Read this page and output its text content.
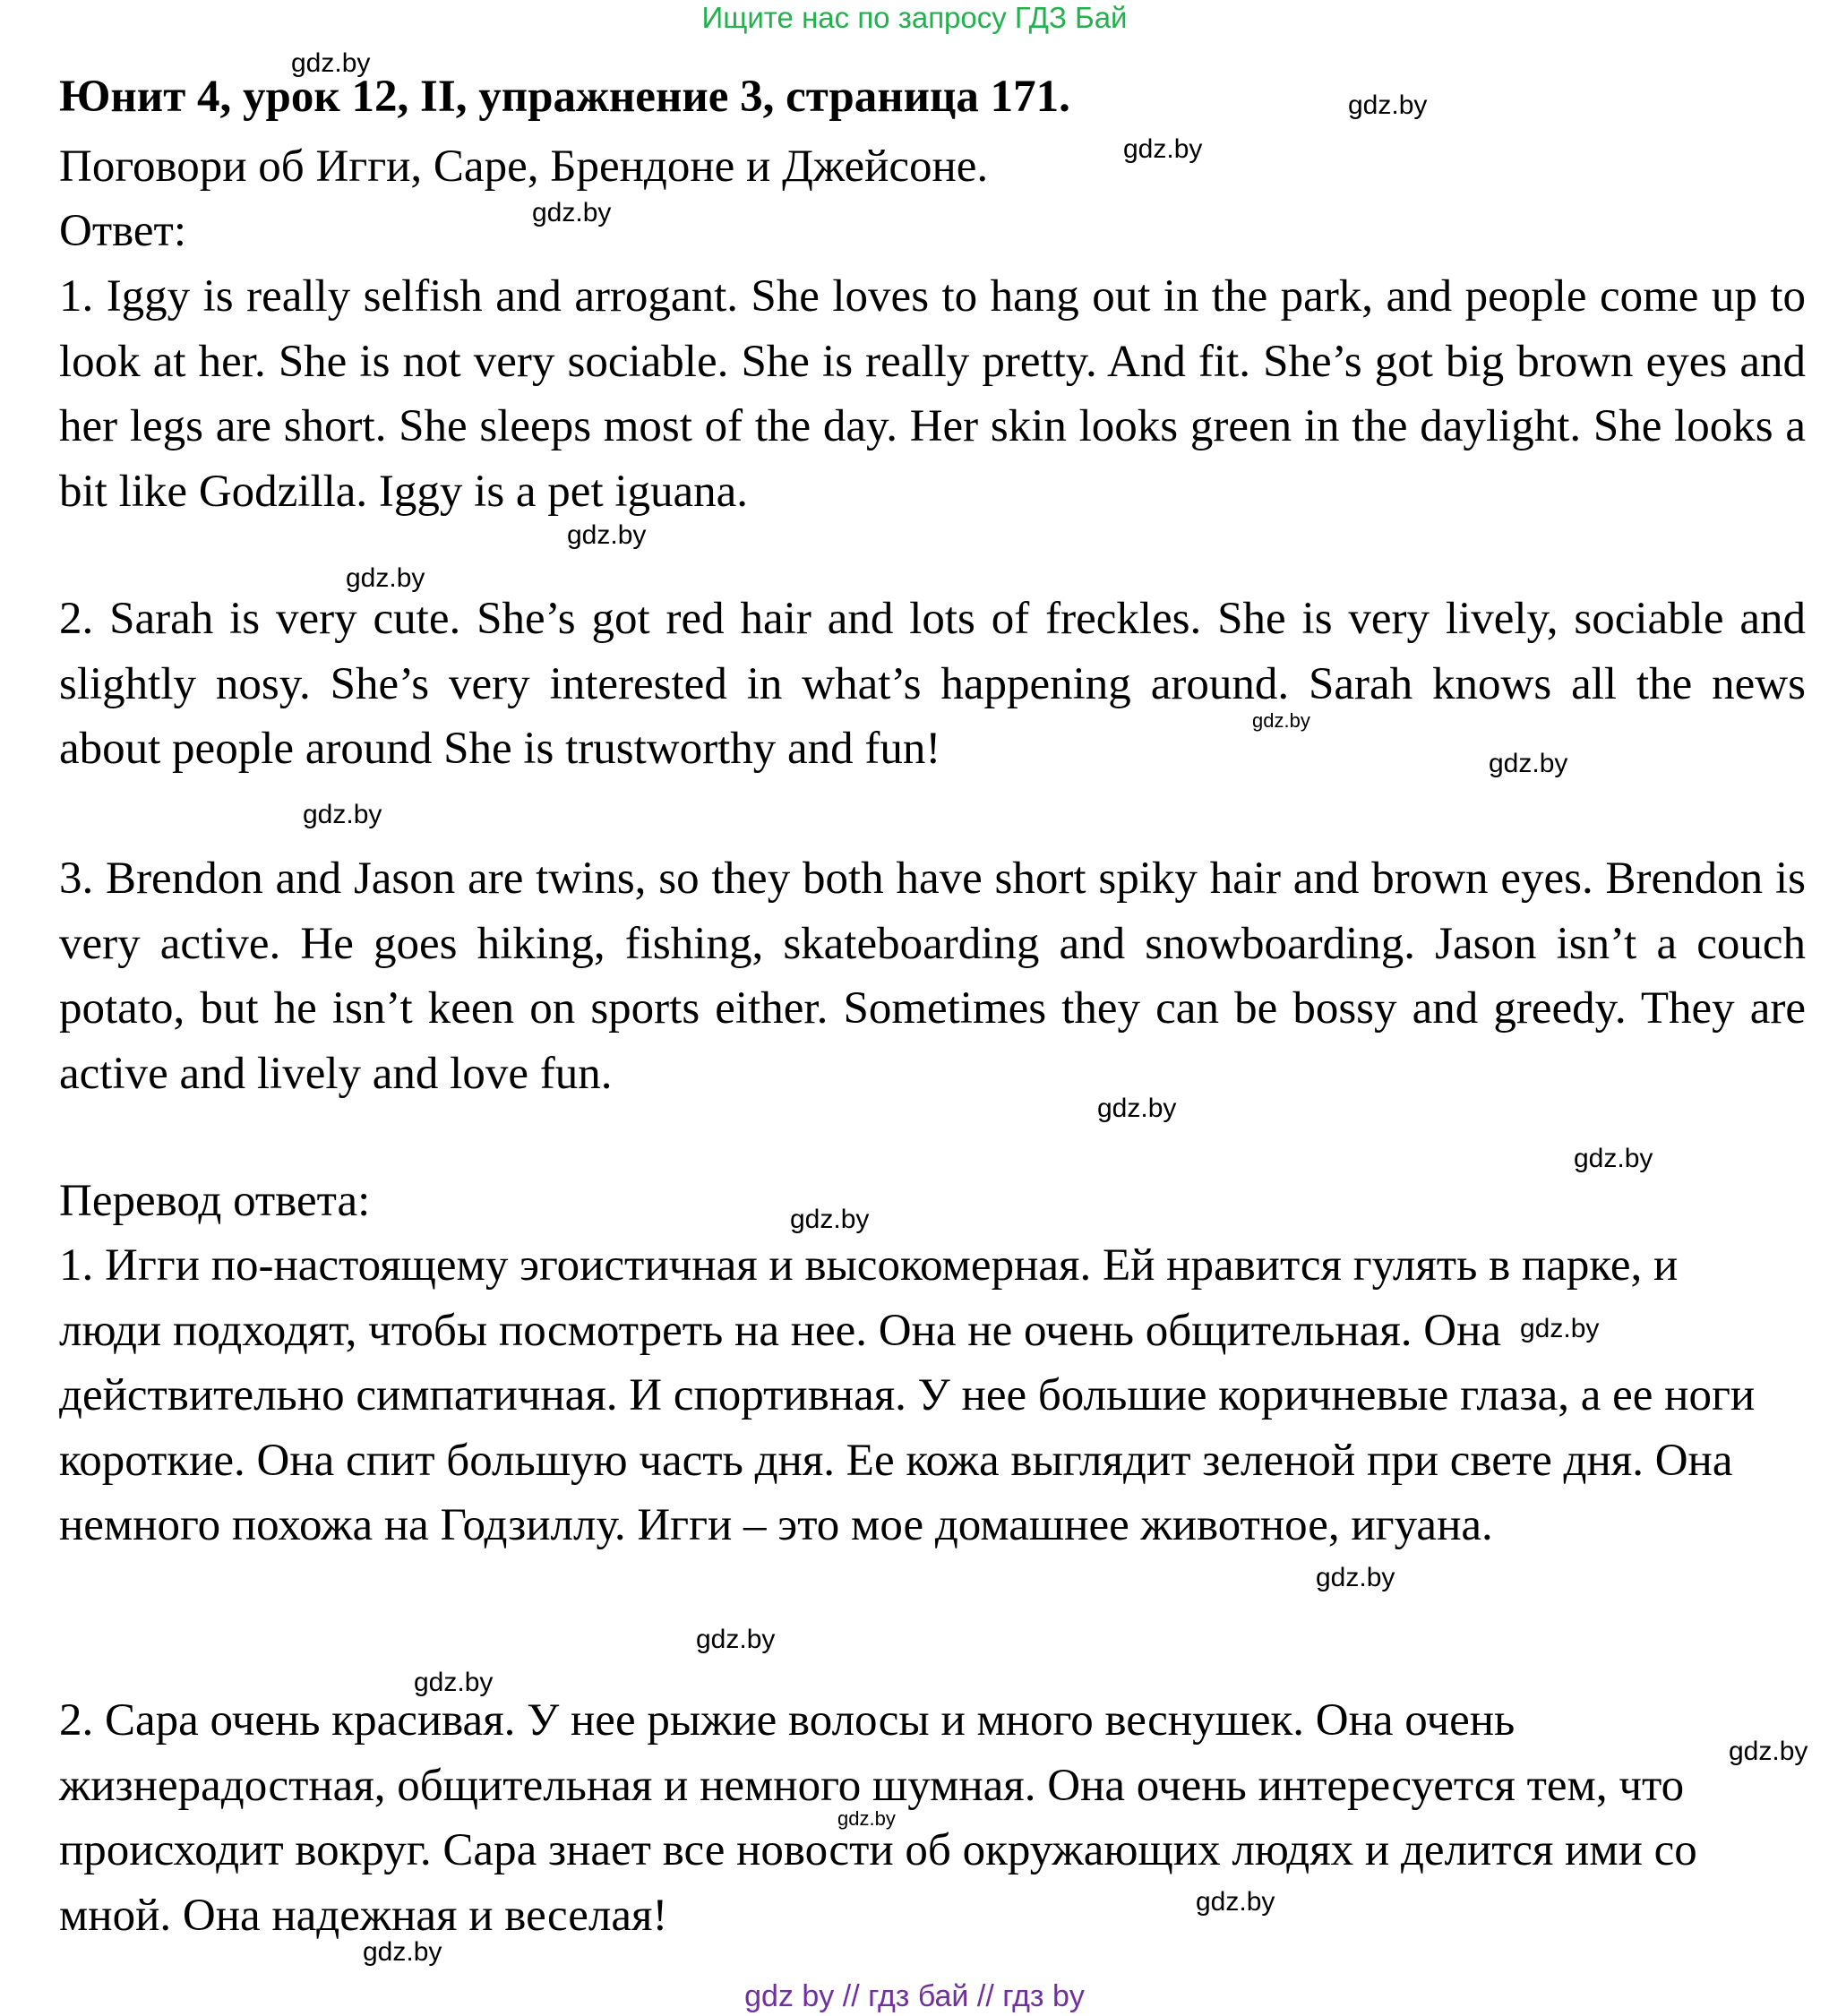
Ищите нас по запросу ГДЗ Бай
Юнит 4, урок 12, II, упражнение 3, страница 171.
Поговори об Игги, Саре, Брендоне и Джейсоне.
Ответ:

1. Iggy is really selfish and arrogant. She loves to hang out in the park, and people come up to look at her. She is not very sociable. She is really pretty. And fit. She’s got big brown eyes and her legs are short. She sleeps most of the day. Her skin looks green in the daylight. She looks a bit like Godzilla. Iggy is a pet iguana.

2. Sarah is very cute. She’s got red hair and lots of freckles. She is very lively, sociable and slightly nosy. She’s very interested in what’s happening around. Sarah knows all the news about people around She is trustworthy and fun!

3. Brendon and Jason are twins, so they both have short spiky hair and brown eyes. Brendon is very active. He goes hiking, fishing, skateboarding and snowboarding. Jason isn’t a couch potato, but he isn’t keen on sports either. Sometimes they can be bossy and greedy. They are active and lively and love fun.

Перевод ответа:

1. Игги по-настоящему эгоистичная и высокомерная. Ей нравится гулять в парке, и люди подходят, чтобы посмотреть на нее. Она не очень общительная. Она действительно симпатичная. И спортивная. У нее большие коричневые глаза, а ее ноги короткие. Она спит большую часть дня. Ее кожа выглядит зеленой при свете дня. Она немного похожа на Годзиллу. Игги – это мое домашнее животное, игуана.

2. Сара очень красивая. У нее рыжие волосы и много веснушек. Она очень жизнерадостная, общительная и немного шумная. Она очень интересуется тем, что происходит вокруг. Сара знает все новости об окружающих людях и делится ими со мной. Она надежная и веселая!

gdz.by
gdz.by
gdz.by
gdz.by
gdz.by
gdz.by
gdz.by
gdz.by
gdz.by
gdz.by
gdz.by
gdz.by
gdz.by
gdz.by
gdz.by
gdz.by
gdz.by
gdz.by
gdz.by
gdz.by
gdz by // гдз бай // гдз by
